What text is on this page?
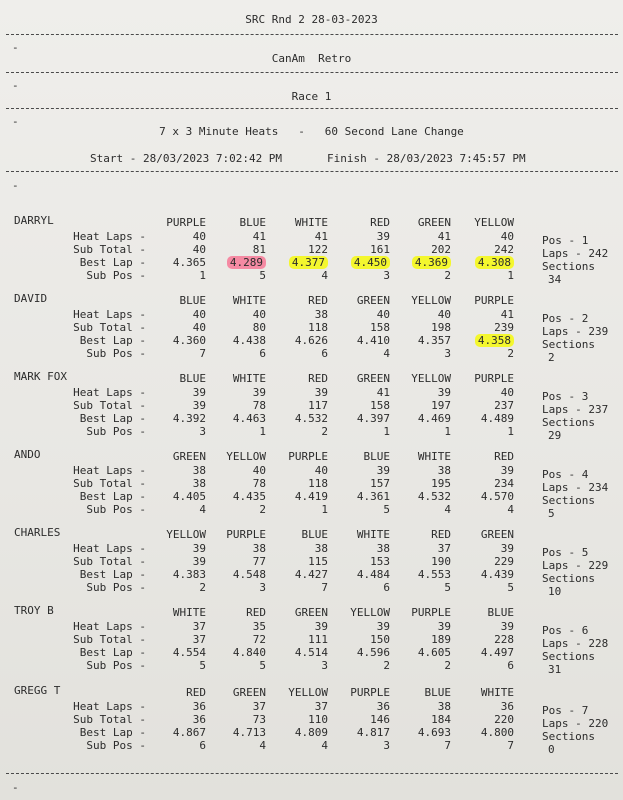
SRC Rnd 2 28-03-2023
-
CanAm  Retro
-
Race 1
-
7 x 3 Minute Heats   -   60 Second Lane Change
Start - 28/03/2023 7:02:42 PM	Finish - 28/03/2023 7:45:57 PM
-
DARRYL	PURPLE	BLUE	WHITE	RED	GREEN	YELLOW
Heat Laps -	40	41	41	39	41	40
Sub Total -	40	81	122	161	202	242
Best Lap -	4.365	4.289	4.377	4.450	4.369	4.308
Sub Pos -	1	5	4	3	2	1
Pos - 1
Laps - 242
Sections
34
DAVID	BLUE	WHITE	RED	GREEN	YELLOW	PURPLE
Heat Laps -	40	40	38	40	40	41
Sub Total -	40	80	118	158	198	239
Best Lap -	4.360	4.438	4.626	4.410	4.357	4.358
Sub Pos -	7	6	6	4	3	2
Pos - 2
Laps - 239
Sections
2
MARK FOX	BLUE	WHITE	RED	GREEN	YELLOW	PURPLE
Heat Laps -	39	39	39	41	39	40
Sub Total -	39	78	117	158	197	237
Best Lap -	4.392	4.463	4.532	4.397	4.469	4.489
Sub Pos -	3	1	2	1	1	1
Pos - 3
Laps - 237
Sections
29
ANDO	GREEN	YELLOW	PURPLE	BLUE	WHITE	RED
Heat Laps -	38	40	40	39	38	39
Sub Total -	38	78	118	157	195	234
Best Lap -	4.405	4.435	4.419	4.361	4.532	4.570
Sub Pos -	4	2	1	5	4	4
Pos - 4
Laps - 234
Sections
5
CHARLES	YELLOW	PURPLE	BLUE	WHITE	RED	GREEN
Heat Laps -	39	38	38	38	37	39
Sub Total -	39	77	115	153	190	229
Best Lap -	4.383	4.548	4.427	4.484	4.553	4.439
Sub Pos -	2	3	7	6	5	5
Pos - 5
Laps - 229
Sections
10
TROY B	WHITE	RED	GREEN	YELLOW	PURPLE	BLUE
Heat Laps -	37	35	39	39	39	39
Sub Total -	37	72	111	150	189	228
Best Lap -	4.554	4.840	4.514	4.596	4.605	4.497
Sub Pos -	5	5	3	2	2	6
Pos - 6
Laps - 228
Sections
31
GREGG T	RED	GREEN	YELLOW	PURPLE	BLUE	WHITE
Heat Laps -	36	37	37	36	38	36
Sub Total -	36	73	110	146	184	220
Best Lap -	4.867	4.713	4.809	4.817	4.693	4.800
Sub Pos -	6	4	4	3	7	7
Pos - 7
Laps - 220
Sections
0
-
